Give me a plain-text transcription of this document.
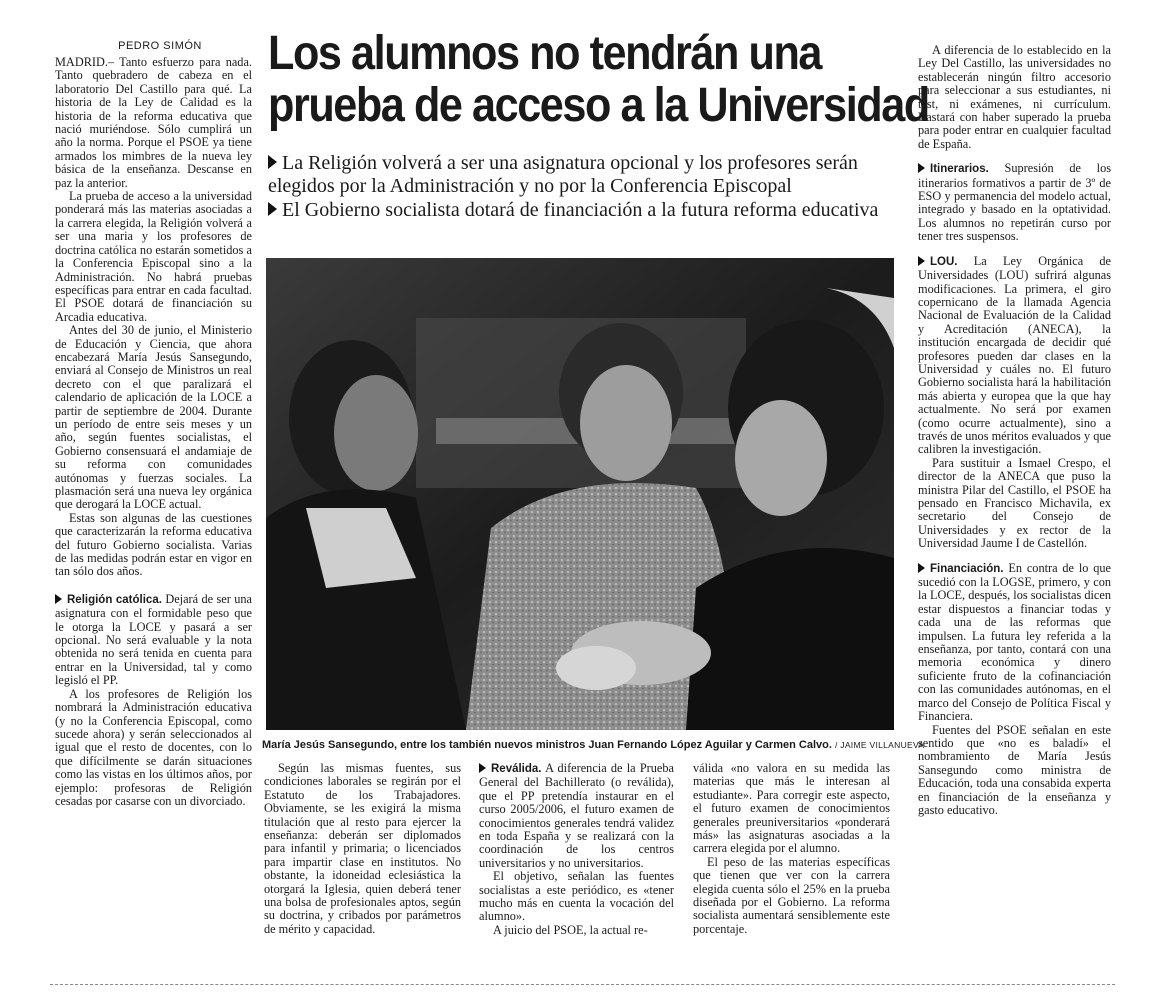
PEDRO SIMÓN	Los alumnos no tendrán una
prueba de acceso a la Universidad
La Religión volverá a ser una asignatura opcional y los profesores serán elegidos por la Administración y no por la Conferencia Episcopal
El Gobierno socialista dotará de financiación a la futura reforma educativa

MADRID.– Tanto esfuerzo para nada. Tanto quebradero de cabeza en el laboratorio Del Castillo para qué. La historia de la Ley de Calidad es la historia de la reforma educativa que nació muriéndose. Sólo cumplirá un año la norma. Porque el PSOE ya tiene armados los mimbres de la nueva ley básica de la enseñanza. Descanse en paz la anterior.

La prueba de acceso a la universidad ponderará más las materias asociadas a la carrera elegida, la Religión volverá a ser una maria y los profesores de doctrina católica no estarán sometidos a la Conferencia Episcopal sino a la Administración. No habrá pruebas específicas para entrar en cada facultad. El PSOE dotará de financiación su Arcadia educativa.

Antes del 30 de junio, el Ministerio de Educación y Ciencia, que ahora encabezará María Jesús Sansegundo, enviará al Consejo de Ministros un real decreto con el que paralizará el calendario de aplicación de la LOCE a partir de septiembre de 2004. Durante un período de entre seis meses y un año, según fuentes socialistas, el Gobierno consensuará el andamiaje de su reforma con comunidades autónomas y fuerzas sociales. La plasmación será una nueva ley orgánica que derogará la LOCE actual.

Estas son algunas de las cuestiones que caracterizarán la reforma educativa del futuro Gobierno socialista. Varias de las medidas podrán estar en vigor en tan sólo dos años.

Religión católica. Dejará de ser una asignatura con el formidable peso que le otorga la LOCE y pasará a ser opcional. No será evaluable y la nota obtenida no será tenida en cuenta para entrar en la Universidad, tal y como legisló el PP.

A los profesores de Religión los nombrará la Administración educativa (y no la Conferencia Episcopal, como sucede ahora) y serán seleccionados al igual que el resto de docentes, con lo que difícilmente se darán situaciones como las vistas en los últimos años, por ejemplo: profesoras de Religión cesadas por casarse con un divorciado.

María Jesús Sansegundo, entre los también nuevos ministros Juan Fernando López Aguilar y Carmen Calvo. / JAIME VILLANUEVA

Según las mismas fuentes, sus condiciones laborales se regirán por el Estatuto de los Trabajadores. Obviamente, se les exigirá la misma titulación que al resto para ejercer la enseñanza: deberán ser diplomados para infantil y primaria; o licenciados para impartir clase en institutos. No obstante, la idoneidad eclesiástica la otorgará la Iglesia, quien deberá tener una bolsa de profesionales aptos, según su doctrina, y cribados por parámetros de mérito y capacidad.

Reválida. A diferencia de la Prueba General del Bachillerato (o reválida), que el PP pretendía instaurar en el curso 2005/2006, el futuro examen de conocimientos generales tendrá validez en toda España y se realizará con la coordinación de los centros universitarios y no universitarios.

El objetivo, señalan las fuentes socialistas a este periódico, es «tener mucho más en cuenta la vocación del alumno».

A juicio del PSOE, la actual re-

válida «no valora en su medida las materias que más le interesan al estudiante». Para corregir este aspecto, el futuro examen de conocimientos generales preuniversitarios «ponderará más» las asignaturas asociadas a la carrera elegida por el alumno.

El peso de las materias específicas que tienen que ver con la carrera elegida cuenta sólo el 25% en la prueba diseñada por el Gobierno. La reforma socialista aumentará sensiblemente este porcentaje.

A diferencia de lo establecido en la Ley Del Castillo, las universidades no establecerán ningún filtro accesorio para seleccionar a sus estudiantes, ni test, ni exámenes, ni currículum. Bastará con haber superado la prueba para poder entrar en cualquier facultad de España.

Itinerarios. Supresión de los itinerarios formativos a partir de 3º de ESO y permanencia del modelo actual, integrado y basado en la optatividad. Los alumnos no repetirán curso por tener tres suspensos.

LOU. La Ley Orgánica de Universidades (LOU) sufrirá algunas modificaciones. La primera, el giro copernicano de la llamada Agencia Nacional de Evaluación de la Calidad y Acreditación (ANECA), la institución encargada de decidir qué profesores pueden dar clases en la Universidad y cuáles no. El futuro Gobierno socialista hará la habilitación más abierta y europea que la que hay actualmente. No será por examen (como ocurre actualmente), sino a través de unos méritos evaluados y que calibren la investigación.

Para sustituir a Ismael Crespo, el director de la ANECA que puso la ministra Pilar del Castillo, el PSOE ha pensado en Francisco Michavila, ex secretario del Consejo de Universidades y ex rector de la Universidad Jaume I de Castellón.

Financiación. En contra de lo que sucedió con la LOGSE, primero, y con la LOCE, después, los socialistas dicen estar dispuestos a financiar todas y cada una de las reformas que impulsen. La futura ley referida a la enseñanza, por tanto, contará con una memoria económica y dinero suficiente fruto de la cofinanciación con las comunidades autónomas, en el marco del Consejo de Política Fiscal y Financiera.

Fuentes del PSOE señalan en este sentido que «no es baladí» el nombramiento de María Jesús Sansegundo como ministra de Educación, toda una consabida experta en financiación de la enseñanza y gasto educativo.
